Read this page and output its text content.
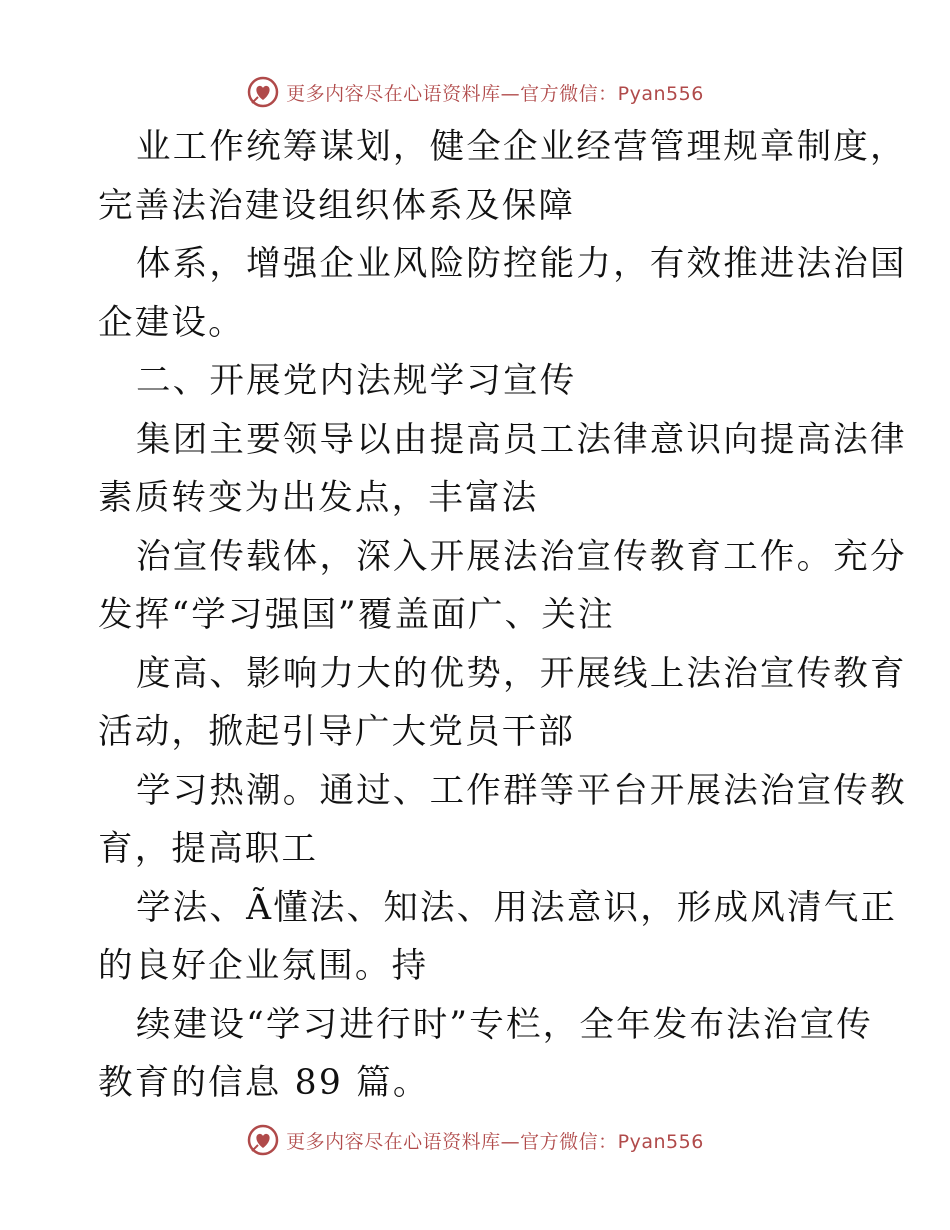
更多内容尽在心语资料库—官方微信：Pyan556
业工作统筹谋划，健全企业经营管理规章制度，
完善法治建设组织体系及保障
体系，增强企业风险防控能力，有效推进法治国
企建设。
二、开展党内法规学习宣传
集团主要领导以由提高员工法律意识向提高法律
素质转变为出发点，丰富法
治宣传载体，深入开展法治宣传教育工作。充分
发挥“学习强国”覆盖面广、关注
度高、影响力大的优势，开展线上法治宣传教育
活动，掀起引导广大党员干部
学习热潮。通过、工作群等平台开展法治宣传教
育，提高职工
学法、Ã懂法、知法、用法意识，形成风清气正
的良好企业氛围。持
续建设“学习进行时”专栏，全年发布法治宣传
教育的信息 89 篇。
更多内容尽在心语资料库—官方微信：Pyan556
